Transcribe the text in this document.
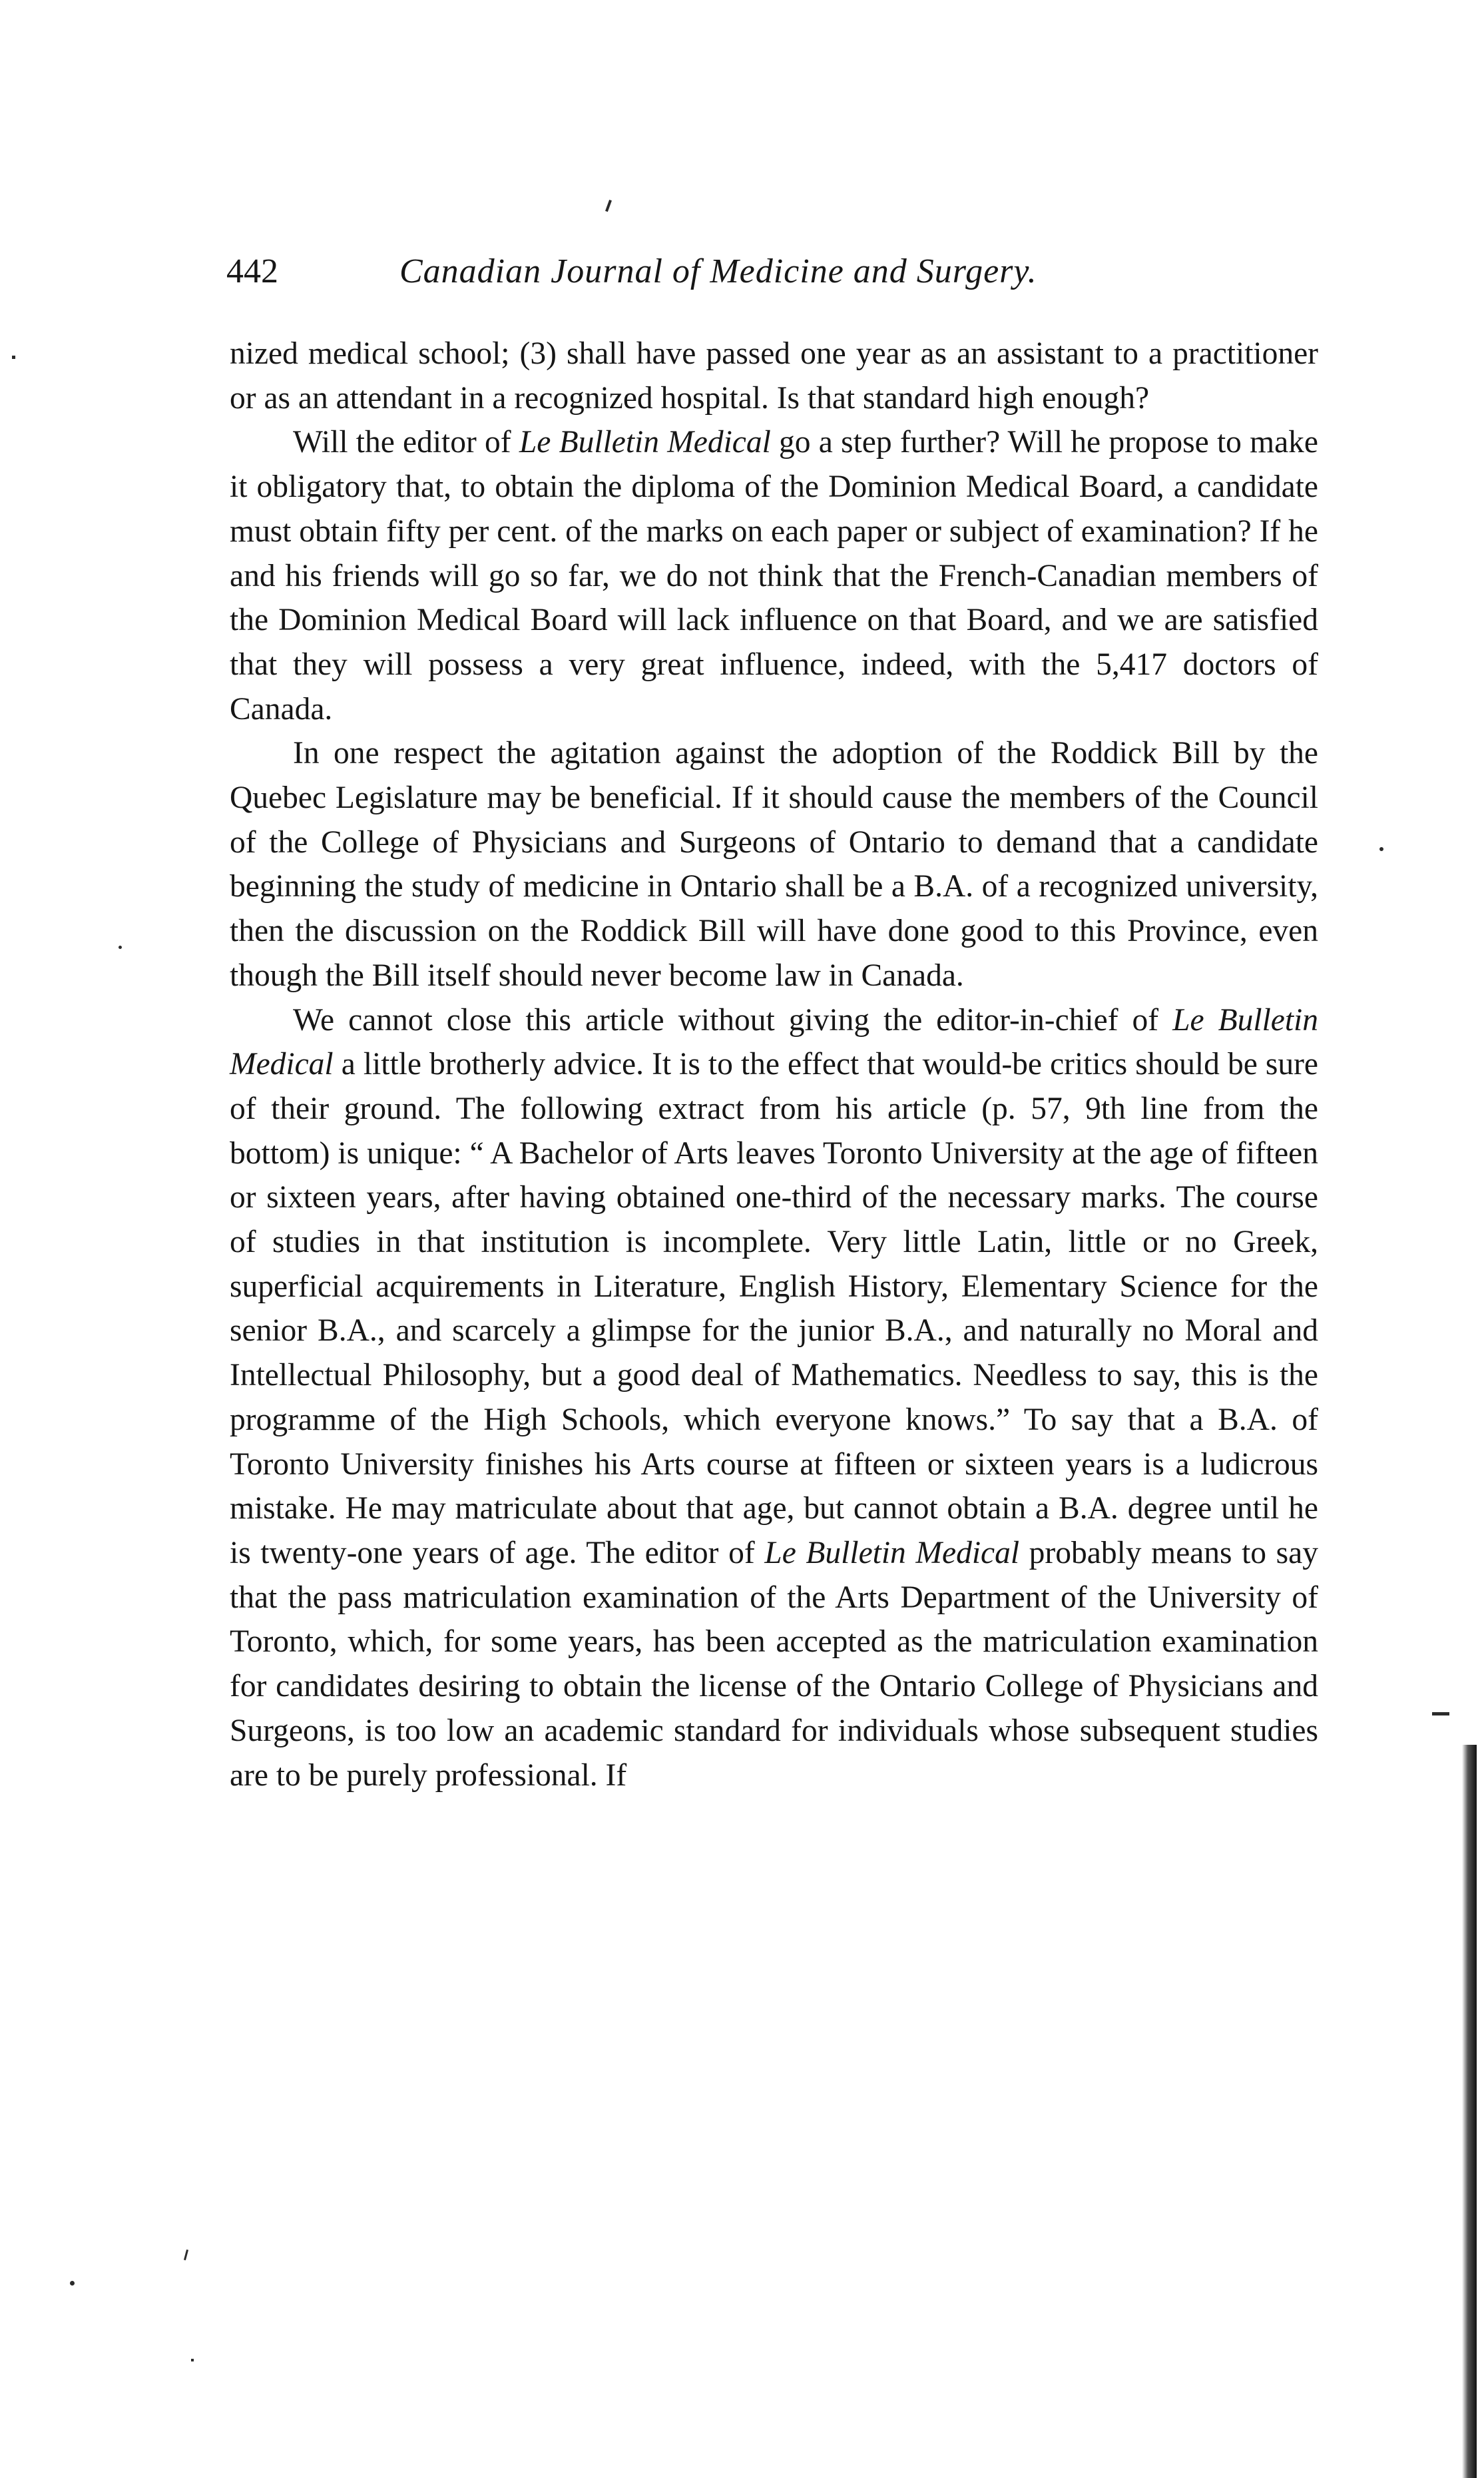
442	Canadian Journal of Medicine and Surgery.

nized medical school; (3) shall have passed one year as an assistant to a practitioner or as an attendant in a recognized hospital. Is that standard high enough?

Will the editor of Le Bulletin Medical go a step further? Will he propose to make it obligatory that, to obtain the diploma of the Dominion Medical Board, a candidate must obtain fifty per cent. of the marks on each paper or subject of examination? If he and his friends will go so far, we do not think that the French-Canadian members of the Dominion Medical Board will lack influence on that Board, and we are satisfied that they will possess a very great influence, indeed, with the 5,417 doctors of Canada.

In one respect the agitation against the adoption of the Roddick Bill by the Quebec Legislature may be beneficial. If it should cause the members of the Council of the College of Physicians and Surgeons of Ontario to demand that a candidate beginning the study of medicine in Ontario shall be a B.A. of a recognized university, then the discussion on the Roddick Bill will have done good to this Province, even though the Bill itself should never become law in Canada.

We cannot close this article without giving the editor-in-chief of Le Bulletin Medical a little brotherly advice. It is to the effect that would-be critics should be sure of their ground. The following extract from his article (p. 57, 9th line from the bottom) is unique: “ A Bachelor of Arts leaves Toronto University at the age of fifteen or sixteen years, after having obtained one-third of the necessary marks. The course of studies in that institution is incomplete. Very little Latin, little or no Greek, superficial acquirements in Literature, English History, Elementary Science for the senior B.A., and scarcely a glimpse for the junior B.A., and naturally no Moral and Intellectual Philosophy, but a good deal of Mathematics. Needless to say, this is the programme of the High Schools, which everyone knows.” To say that a B.A. of Toronto University finishes his Arts course at fifteen or sixteen years is a ludicrous mistake. He may matriculate about that age, but cannot obtain a B.A. degree until he is twenty-one years of age. The editor of Le Bulletin Medical probably means to say that the pass matriculation examination of the Arts Department of the University of Toronto, which, for some years, has been accepted as the matriculation examination for candidates desiring to obtain the license of the Ontario College of Physicians and Surgeons, is too low an academic standard for individuals whose subsequent studies are to be purely professional. If
